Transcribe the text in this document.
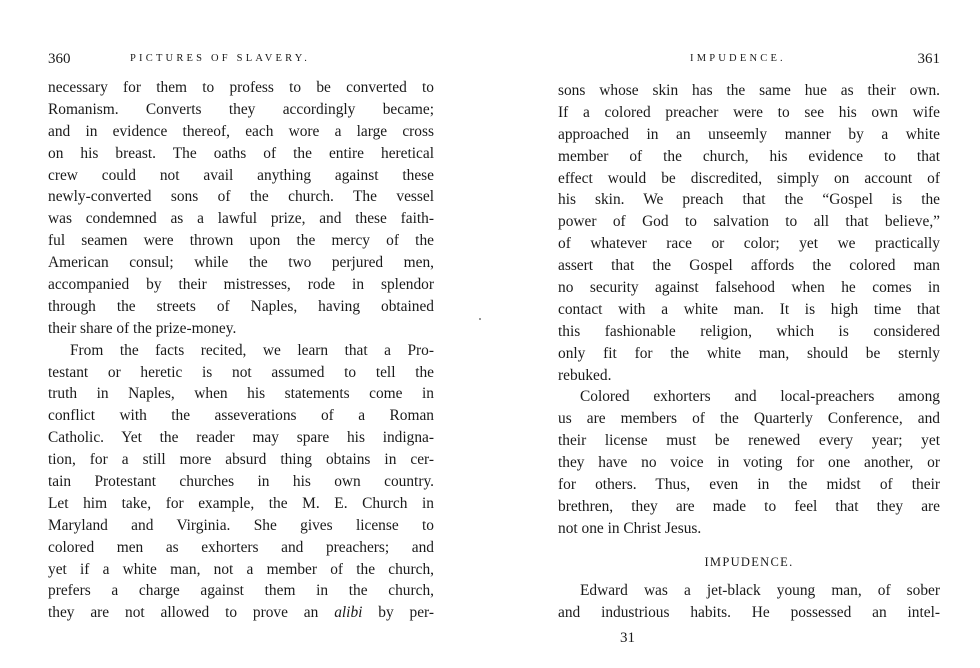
360	PICTURES OF SLAVERY.
necessary for them to profess to be converted to
Romanism. Converts they accordingly became;
and in evidence thereof, each wore a large cross
on his breast. The oaths of the entire heretical
crew could not avail anything against these
newly-converted sons of the church. The vessel
was condemned as a lawful prize, and these faith-
ful seamen were thrown upon the mercy of the
American consul; while the two perjured men,
accompanied by their mistresses, rode in splendor
through the streets of Naples, having obtained
their share of the prize-money.
From the facts recited, we learn that a Pro-
testant or heretic is not assumed to tell the
truth in Naples, when his statements come in
conflict with the asseverations of a Roman
Catholic. Yet the reader may spare his indigna-
tion, for a still more absurd thing obtains in cer-
tain Protestant churches in his own country.
Let him take, for example, the M. E. Church in
Maryland and Virginia. She gives license to
colored men as exhorters and preachers; and
yet if a white man, not a member of the church,
prefers a charge against them in the church,
they are not allowed to prove an alibi by per-
IMPUDENCE.	361
sons whose skin has the same hue as their own.
If a colored preacher were to see his own wife
approached in an unseemly manner by a white
member of the church, his evidence to that
effect would be discredited, simply on account of
his skin. We preach that the “Gospel is the
power of God to salvation to all that believe,”
of whatever race or color; yet we practically
assert that the Gospel affords the colored man
no security against falsehood when he comes in
contact with a white man. It is high time that
this fashionable religion, which is considered
only fit for the white man, should be sternly
rebuked.
Colored exhorters and local-preachers among
us are members of the Quarterly Conference, and
their license must be renewed every year; yet
they have no voice in voting for one another, or
for others. Thus, even in the midst of their
brethren, they are made to feel that they are
not one in Christ Jesus.
IMPUDENCE.
Edward was a jet-black young man, of sober
and industrious habits. He possessed an intel-
31
